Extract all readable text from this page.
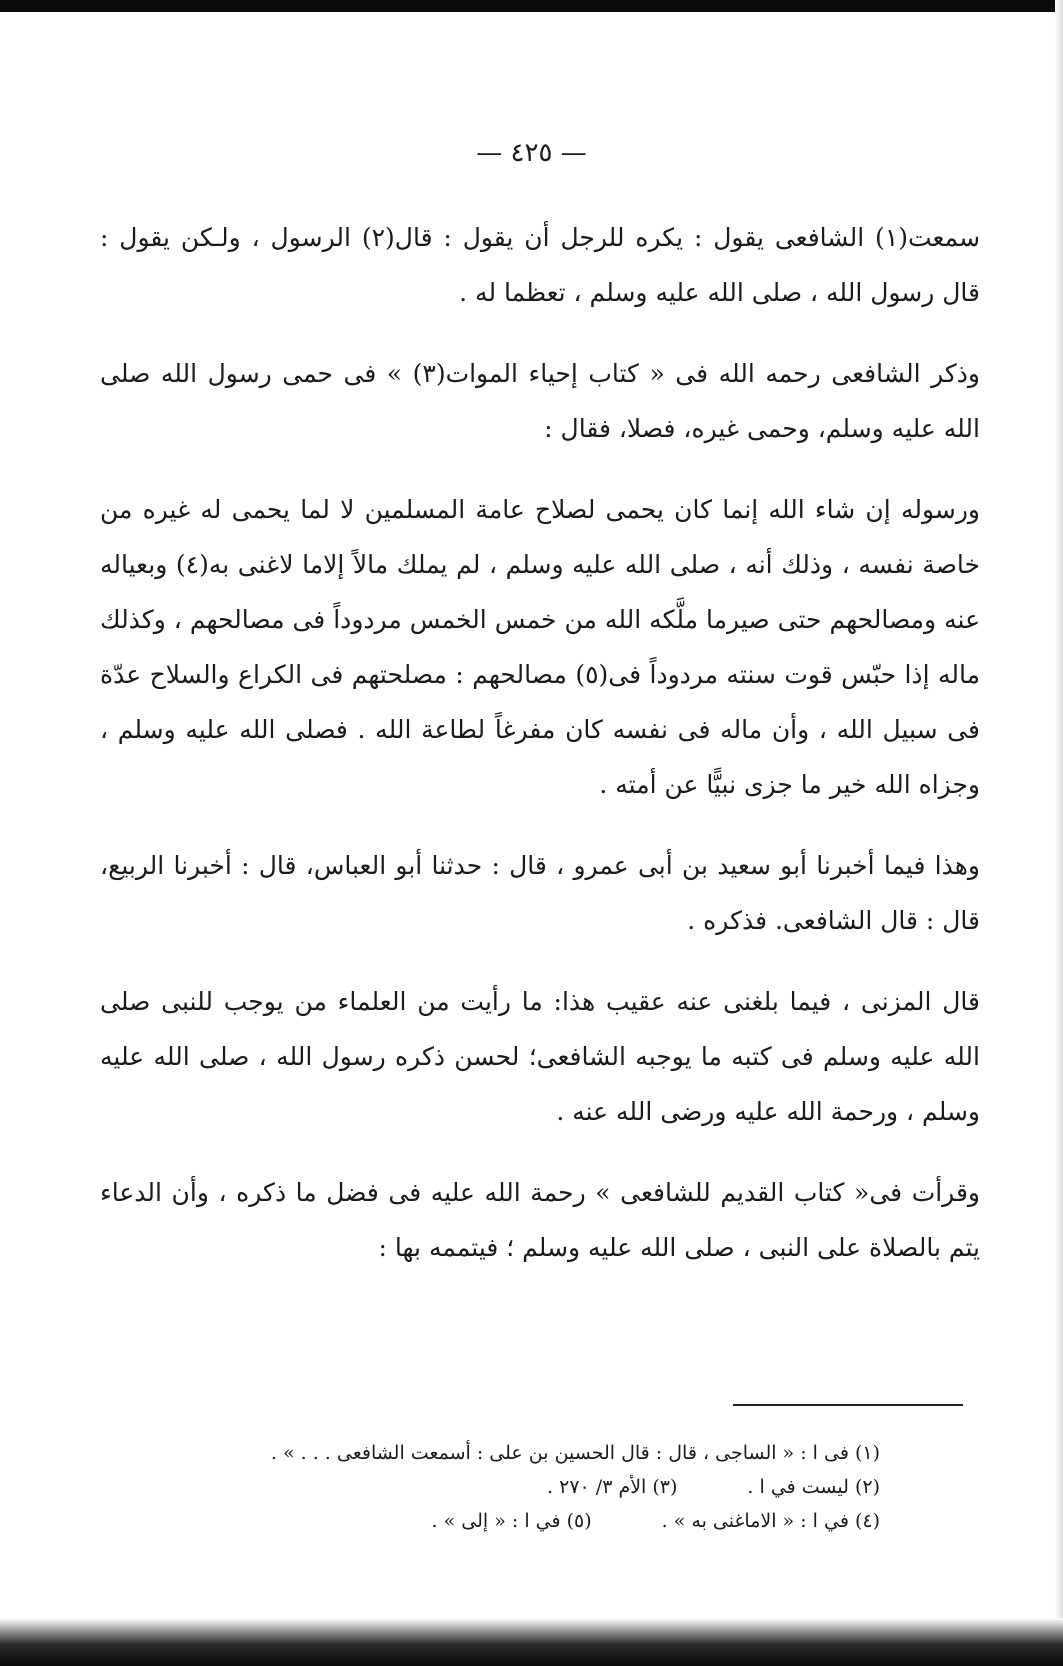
— ٤٢٥ —

سمعت(١) الشافعى يقول : يكره للرجل أن يقول : قال(٢) الرسول ، ولـكن يقول : قال رسول الله ، صلى الله عليه وسلم ، تعظما له .

وذكر الشافعى رحمه الله فى « كتاب إحياء الموات(٣) » فى حمى رسول الله صلى الله عليه وسلم، وحمى غيره، فصلا، فقال :

ورسوله إن شاء الله إنما كان يحمى لصلاح عامة المسلمين لا لما يحمى له غيره من خاصة نفسه ، وذلك أنه ، صلى الله عليه وسلم ، لم يملك مالاً إلاما لاغنى به(٤) وبعياله عنه ومصالحهم حتى صيرما ملَّكه الله من خمس الخمس مردوداً فى مصالحهم ، وكذلك ماله إذا حبّس قوت سنته مردوداً فى(٥) مصالحهم : مصلحتهم فى الكراع والسلاح عدّة فى سبيل الله ، وأن ماله فى نفسه كان مفرغاً لطاعة الله . فصلى الله عليه وسلم ، وجزاه الله خير ما جزى نبيًّا عن أمته .

وهذا فيما أخبرنا أبو سعيد بن أبى عمرو ، قال : حدثنا أبو العباس، قال : أخبرنا الربيع، قال : قال الشافعى. فذكره .

قال المزنى ، فيما بلغنى عنه عقيب هذا: ما رأيت من العلماء من يوجب للنبى صلى الله عليه وسلم فى كتبه ما يوجبه الشافعى؛ لحسن ذكره رسول الله ، صلى الله عليه وسلم ، ورحمة الله عليه ورضى الله عنه .

وقرأت فى« كتاب القديم للشافعى » رحمة الله عليه فى فضل ما ذكره ، وأن الدعاء يتم بالصلاة على النبى ، صلى الله عليه وسلم ؛ فيتممه بها :

(١) فى ا : « الساجى ، قال : قال الحسين بن على : أسمعت الشافعى . . . » .
(٢) ليست في ا .
(٣) الأم ٣/ ٢٧٠ .
(٤) في ا : « الاماغنى به » .
(٥) في ا : « إلى » .
